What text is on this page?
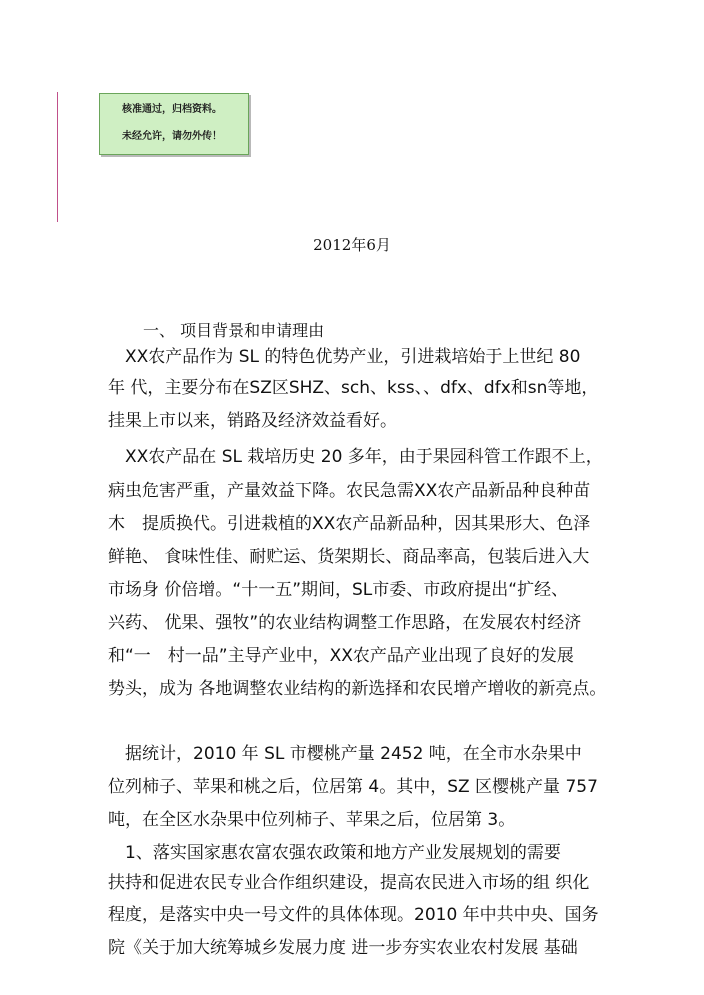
核准通过，归档资料。
未经允许，请勿外传！
2012年6月
一、 项目背景和申请理由
　XX农产品作为 SL 的特色优势产业，引进栽培始于上世纪 80
年 代，主要分布在SZ区SHZ、sch、kss、、dfx、dfx和sn等地，
挂果上市以来，销路及经济效益看好。
　XX农产品在 SL 栽培历史 20 多年，由于果园科管工作跟不上，
病虫危害严重，产量效益下降。农民急需XX农产品新品种良种苗
木　提质换代。引进栽植的XX农产品新品种，因其果形大、色泽
鲜艳、 食味性佳、耐贮运、货架期长、商品率高，包装后进入大
市场身 价倍增。“十一五”期间，SL市委、市政府提出“扩经、
兴药、 优果、强牧”的农业结构调整工作思路，在发展农村经济
和“一　村一品”主导产业中，XX农产品产业出现了良好的发展
势头，成为 各地调整农业结构的新选择和农民增产增收的新亮点。
　据统计，2010 年 SL 市樱桃产量 2452 吨，在全市水杂果中
位列柿子、苹果和桃之后，位居第 4。其中，SZ 区樱桃产量 757
吨，在全区水杂果中位列柿子、苹果之后，位居第 3。
　1、落实国家惠农富农强农政策和地方产业发展规划的需要
扶持和促进农民专业合作组织建设，提高农民进入市场的组 织化
程度，是落实中央一号文件的具体体现。2010 年中共中央、国务
院《关于加大统筹城乡发展力度 进一步夯实农业农村发展 基础
